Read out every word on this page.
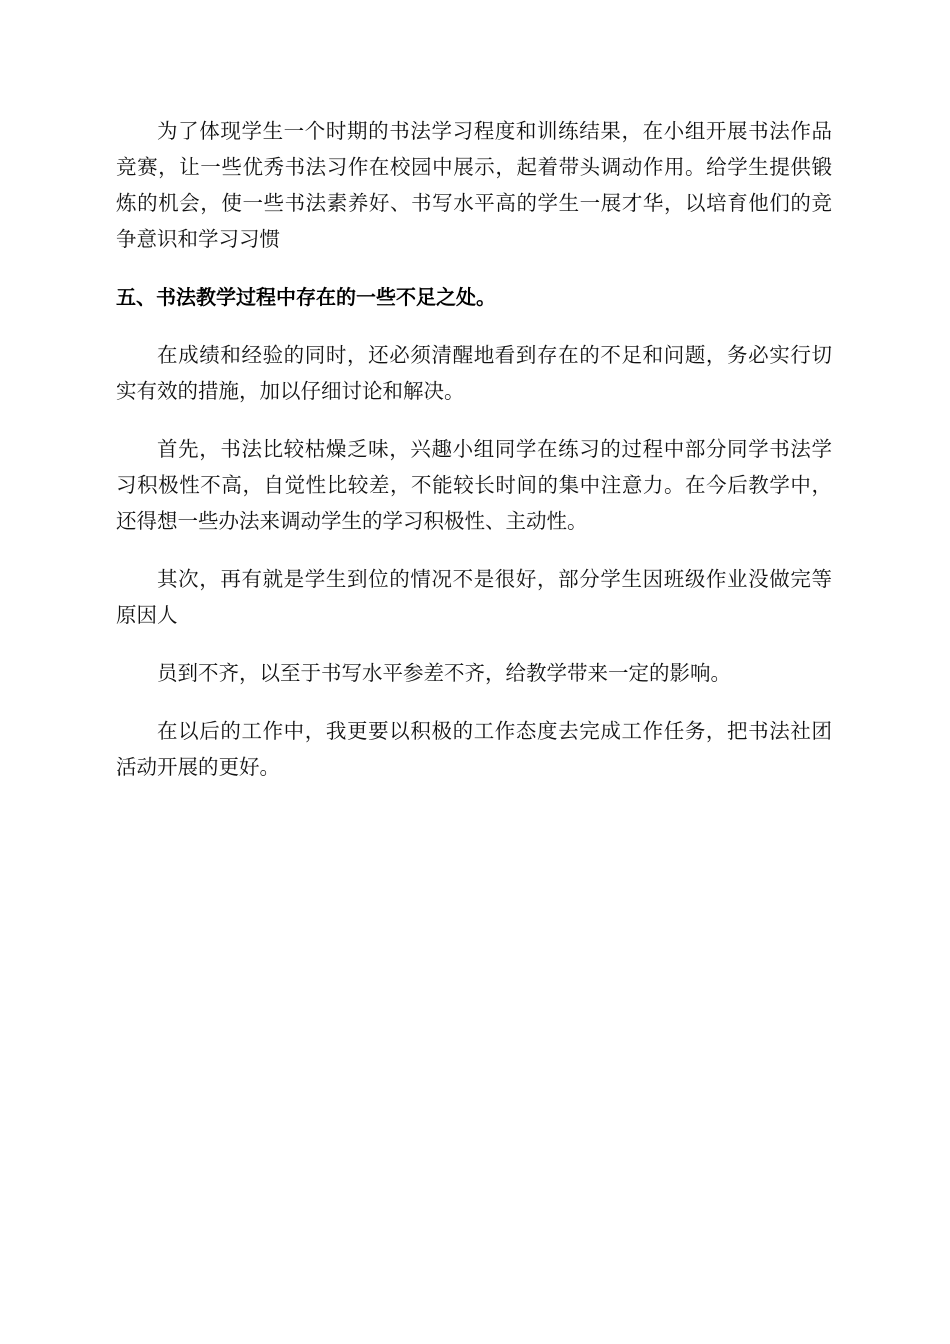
为了体现学生一个时期的书法学习程度和训练结果，在小组开展书法作品竞赛，让一些优秀书法习作在校园中展示，起着带头调动作用。给学生提供锻炼的机会，使一些书法素养好、书写水平高的学生一展才华，以培育他们的竞争意识和学习习惯

五、书法教学过程中存在的一些不足之处。

在成绩和经验的同时，还必须清醒地看到存在的不足和问题，务必实行切实有效的措施，加以仔细讨论和解决。

首先，书法比较枯燥乏味，兴趣小组同学在练习的过程中部分同学书法学习积极性不高，自觉性比较差，不能较长时间的集中注意力。在今后教学中，还得想一些办法来调动学生的学习积极性、主动性。

其次，再有就是学生到位的情况不是很好，部分学生因班级作业没做完等原因人

员到不齐，以至于书写水平参差不齐，给教学带来一定的影响。

在以后的工作中，我更要以积极的工作态度去完成工作任务，把书法社团活动开展的更好。
